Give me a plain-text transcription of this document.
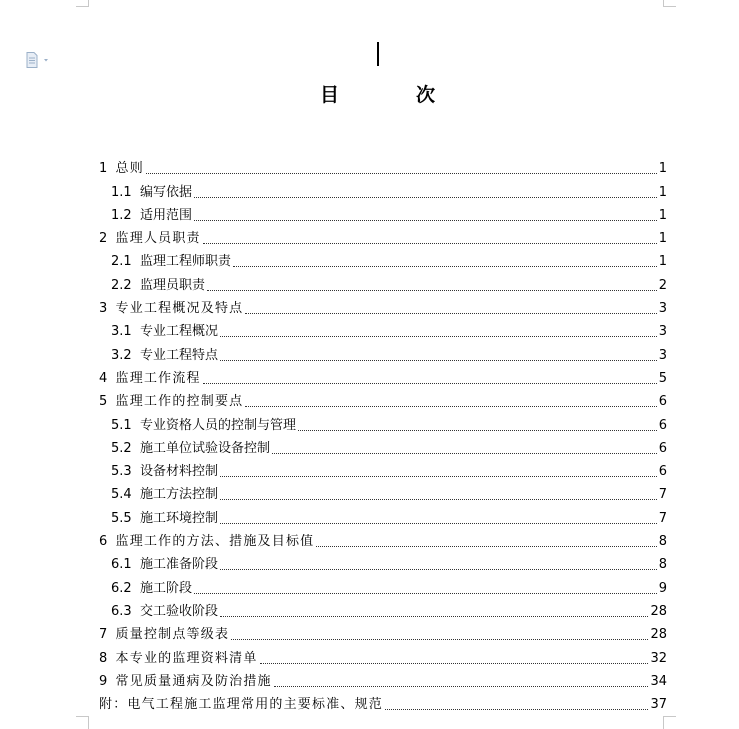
目	次
1 总则	1
1.1 编写依据	1
1.2 适用范围	1
2 监理人员职责	1
2.1 监理工程师职责	1
2.2 监理员职责	2
3 专业工程概况及特点	3
3.1 专业工程概况	3
3.2 专业工程特点	3
4 监理工作流程	5
5 监理工作的控制要点	6
5.1 专业资格人员的控制与管理	6
5.2 施工单位试验设备控制	6
5.3 设备材料控制	6
5.4 施工方法控制	7
5.5 施工环境控制	7
6 监理工作的方法、措施及目标值	8
6.1 施工准备阶段	8
6.2 施工阶段	9
6.3 交工验收阶段	28
7 质量控制点等级表	28
8 本专业的监理资料清单	32
9 常见质量通病及防治措施	34
附：电气工程施工监理常用的主要标准、规范	37
